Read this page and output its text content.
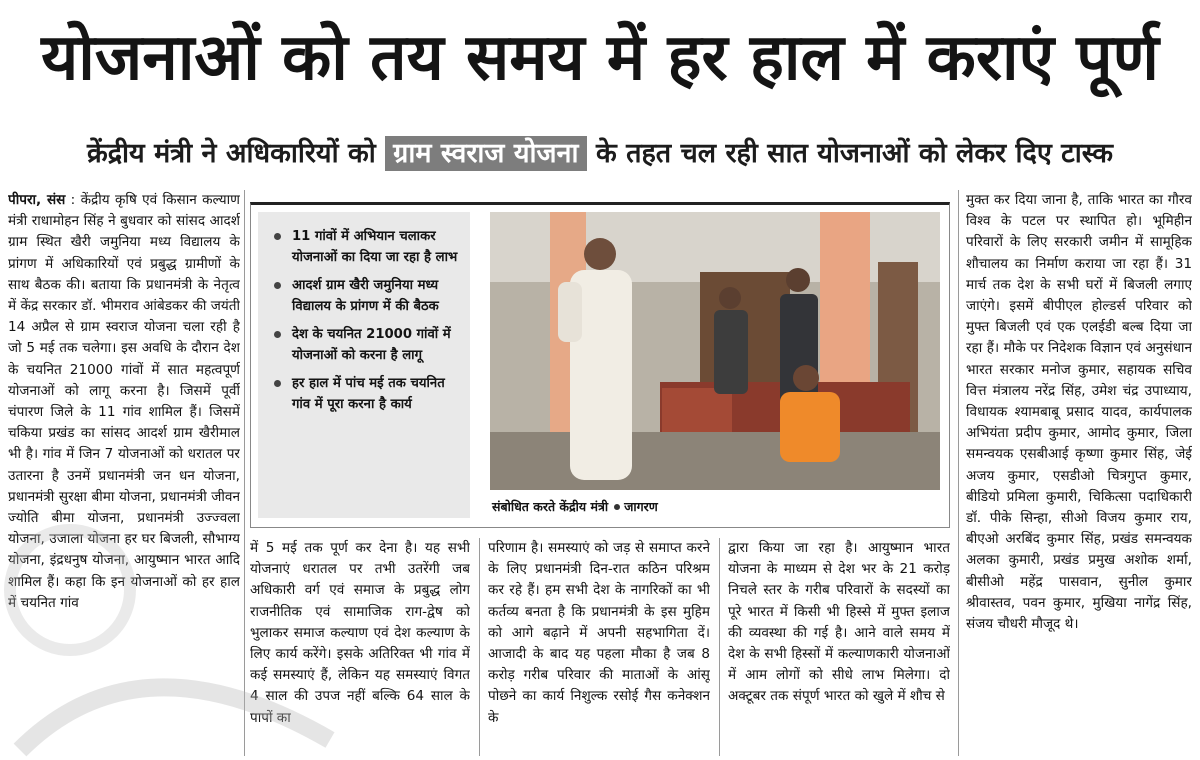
योजनाओं को तय समय में हर हाल में कराएं पूर्ण
क्रेंद्रीय मंत्री ने अधिकारियों को ग्राम स्वराज योजना के तहत चल रही सात योजनाओं को लेकर दिए टास्क

पीपरा, संस : केंद्रीय कृषि एवं किसान कल्याण मंत्री राधामोहन सिंह ने बुधवार को सांसद आदर्श ग्राम स्थित खैरी जमुनिया मध्य विद्यालय के प्रांगण में अधिकारियों एवं प्रबुद्ध ग्रामीणों के साथ बैठक की। बताया कि प्रधानमंत्री के नेतृत्व में केंद्र सरकार डॉ. भीमराव आंबेडकर की जयंती 14 अप्रैल से ग्राम स्वराज योजना चला रही है जो 5 मई तक चलेगा। इस अवधि के दौरान देश के चयनित 21000 गांवों में सात महत्वपूर्ण योजनाओं को लागू करना है। जिसमें पूर्वी चंपारण जिले के 11 गांव शामिल हैं। जिसमें चकिया प्रखंड का सांसद आदर्श ग्राम खैरीमाल भी है। गांव में जिन 7 योजनाओं को धरातल पर उतारना है उनमें प्रधानमंत्री जन धन योजना, प्रधानमंत्री सुरक्षा बीमा योजना, प्रधानमंत्री जीवन ज्योति बीमा योजना, प्रधानमंत्री उज्ज्वला योजना, उजाला योजना हर घर बिजली, सौभाग्य योजना, इंद्रधनुष योजना, आयुष्मान भारत आदि शामिल हैं। कहा कि इन योजनाओं को हर हाल में चयनित गांव

11 गांवों में अभियान चलाकर योजनाओं का दिया जा रहा है लाभ
आदर्श ग्राम खैरी जमुनिया मध्य विद्यालय के प्रांगण में की बैठक
देश के चयनित 21000 गांवों में योजनाओं को करना है लागू
हर हाल में पांच मई तक चयनित गांव में पूरा करना है कार्य
संबोधित करते केंद्रीय मंत्री जागरण

में 5 मई तक पूर्ण कर देना है। यह सभी योजनाएं धरातल पर तभी उतरेंगी जब अधिकारी वर्ग एवं समाज के प्रबुद्ध लोग राजनीतिक एवं सामाजिक राग-द्वेष को भुलाकर समाज कल्याण एवं देश कल्याण के लिए कार्य करेंगे। इसके अतिरिक्त भी गांव में कई समस्याएं हैं, लेकिन यह समस्याएं विगत 4 साल की उपज नहीं बल्कि 64 साल के पापों का

परिणाम है। समस्याएं को जड़ से समाप्त करने के लिए प्रधानमंत्री दिन-रात कठिन परिश्रम कर रहे हैं। हम सभी देश के नागरिकों का भी कर्तव्य बनता है कि प्रधानमंत्री के इस मुहिम को आगे बढ़ाने में अपनी सहभागिता दें। आजादी के बाद यह पहला मौका है जब 8 करोड़ गरीब परिवार की माताओं के आंसू पोछने का कार्य निशुल्क रसोई गैस कनेक्शन के

द्वारा किया जा रहा है। आयुष्मान भारत योजना के माध्यम से देश भर के 21 करोड़ निचले स्तर के गरीब परिवारों के सदस्यों का पूरे भारत में किसी भी हिस्से में मुफ्त इलाज की व्यवस्था की गई है। आने वाले समय में देश के सभी हिस्सों में कल्याणकारी योजनाओं में आम लोगों को सीधे लाभ मिलेगा। दो अक्टूबर तक संपूर्ण भारत को खुले में शौच से

मुक्त कर दिया जाना है, ताकि भारत का गौरव विश्व के पटल पर स्थापित हो। भूमिहीन परिवारों के लिए सरकारी जमीन में सामूहिक शौचालय का निर्माण कराया जा रहा हैं। 31 मार्च तक देश के सभी घरों में बिजली लगाए जाएंगे। इसमें बीपीएल होल्डर्स परिवार को मुफ्त बिजली एवं एक एलईडी बल्ब दिया जा रहा हैं। मौके पर निदेशक विज्ञान एवं अनुसंधान भारत सरकार मनोज कुमार, सहायक सचिव वित्त मंत्रालय नरेंद्र सिंह, उमेश चंद्र उपाध्याय, विधायक श्यामबाबू प्रसाद यादव, कार्यपालक अभियंता प्रदीप कुमार, आमोद कुमार, जिला समन्वयक एसबीआई कृष्णा कुमार सिंह, जेई अजय कुमार, एसडीओ चित्रगुप्त कुमार, बीडियो प्रमिला कुमारी, चिकित्सा पदाधिकारी डॉ. पीके सिन्हा, सीओ विजय कुमार राय, बीएओ अरबिंद कुमार सिंह, प्रखंड समन्वयक अलका कुमारी, प्रखंड प्रमुख अशोक शर्मा, बीसीओ महेंद्र पासवान, सुनील कुमार श्रीवास्तव, पवन कुमार, मुखिया नागेंद्र सिंह, संजय चौधरी मौजूद थे।
